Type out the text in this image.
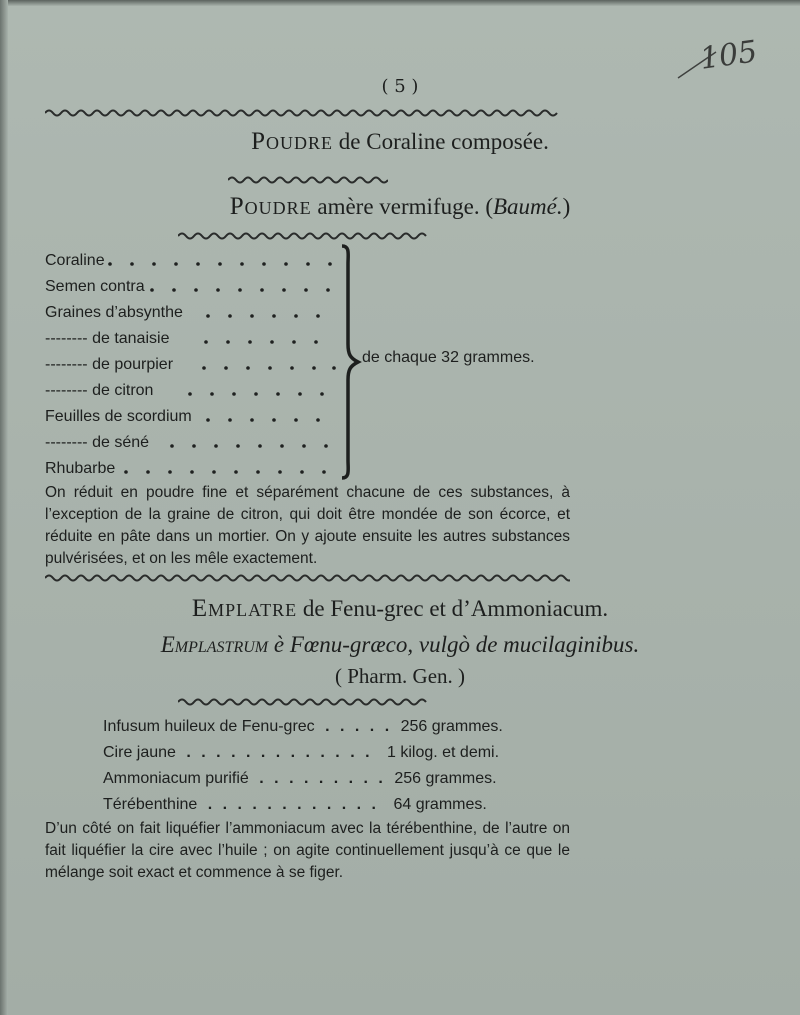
105
( 5 )
Poudre de Coraline composée.
Poudre amère vermifuge. (Baumé.)
Coraline
Semen contra
Graines d’absynthe
-------- de tanaisie
-------- de pourpier
-------- de citron
Feuilles de scordium
-------- de séné
Rhubarbe
de chaque 32 grammes.
On réduit en poudre fine et séparément chacune de ces substances, à l’exception de la graine de citron, qui doit être mondée de son écorce, et réduite en pâte dans un mortier. On y ajoute ensuite les autres substances pulvérisées, et on les mêle exactement.
Emplatre de Fenu-grec et d’Ammoniacum.
Emplastrum è Fœnu-græco, vulgò de mucilaginibus.
( Pharm. Gen. )
Infusum huileux de Fenu-grec . . . . . 256 grammes.
Cire jaune . . . . . . . . . . . . . 1 kilog. et demi.
Ammoniacum purifié . . . . . . . . . 256 grammes.
Térébenthine . . . . . . . . . . . . 64 grammes.
D’un côté on fait liquéfier l’ammoniacum avec la térébenthine, de l’autre on fait liquéfier la cire avec l’huile ; on agite continuellement jusqu’à ce que le mélange soit exact et commence à se figer.
